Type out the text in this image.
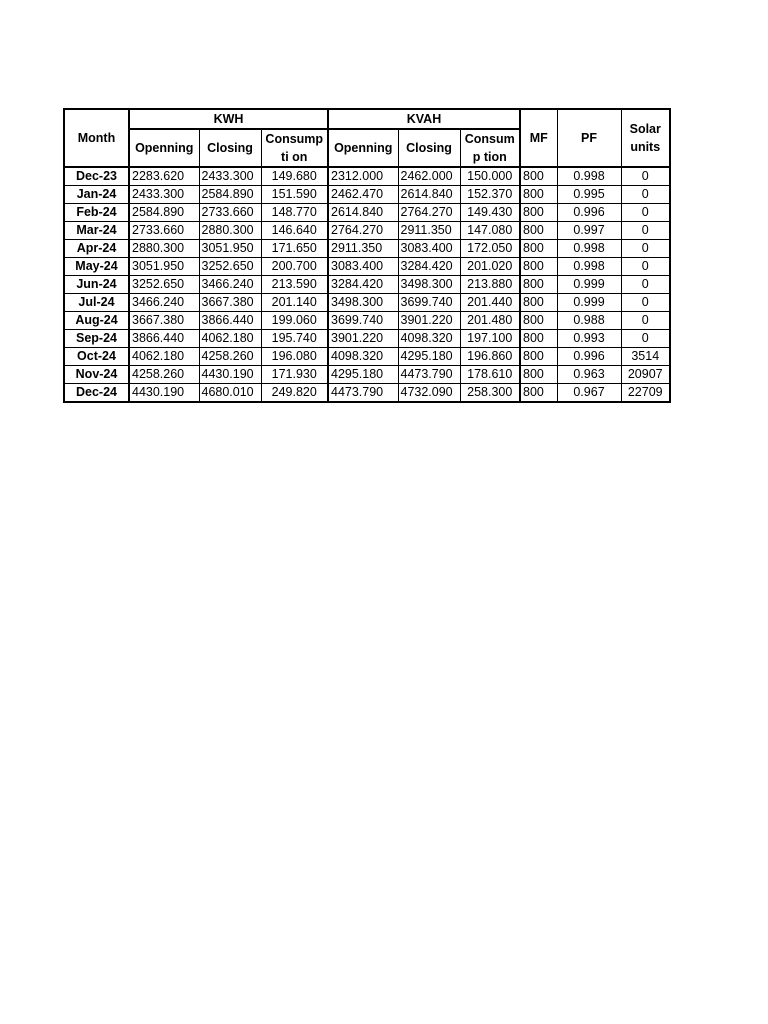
Month	KWH			KVAH			MF	PF	Solar units
	Openning	Closing	Consumpti on	Openning	Closing	Consump tion			
Dec-23	2283.620	2433.300	149.680	2312.000	2462.000	150.000	800	0.998	0
Jan-24	2433.300	2584.890	151.590	2462.470	2614.840	152.370	800	0.995	0
Feb-24	2584.890	2733.660	148.770	2614.840	2764.270	149.430	800	0.996	0
Mar-24	2733.660	2880.300	146.640	2764.270	2911.350	147.080	800	0.997	0
Apr-24	2880.300	3051.950	171.650	2911.350	3083.400	172.050	800	0.998	0
May-24	3051.950	3252.650	200.700	3083.400	3284.420	201.020	800	0.998	0
Jun-24	3252.650	3466.240	213.590	3284.420	3498.300	213.880	800	0.999	0
Jul-24	3466.240	3667.380	201.140	3498.300	3699.740	201.440	800	0.999	0
Aug-24	3667.380	3866.440	199.060	3699.740	3901.220	201.480	800	0.988	0
Sep-24	3866.440	4062.180	195.740	3901.220	4098.320	197.100	800	0.993	0
Oct-24	4062.180	4258.260	196.080	4098.320	4295.180	196.860	800	0.996	3514
Nov-24	4258.260	4430.190	171.930	4295.180	4473.790	178.610	800	0.963	20907
Dec-24	4430.190	4680.010	249.820	4473.790	4732.090	258.300	800	0.967	22709
